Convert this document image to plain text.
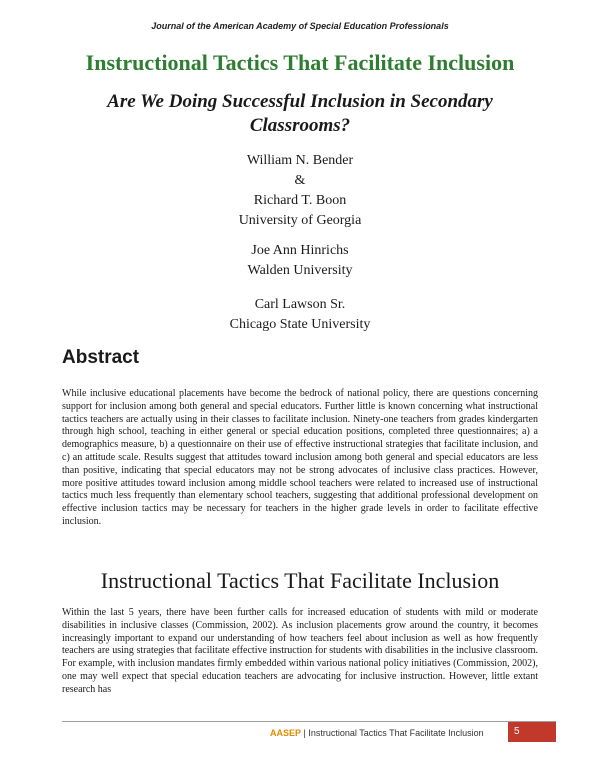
Journal of the American Academy of Special Education Professionals
Instructional Tactics That Facilitate Inclusion
Are We Doing Successful Inclusion in Secondary Classrooms?
William N. Bender
&
Richard T. Boon
University of Georgia
Joe Ann Hinrichs
Walden University
Carl Lawson Sr.
Chicago State University
Abstract
While inclusive educational placements have become the bedrock of national policy, there are questions concerning support for inclusion among both general and special educators. Further little is known concerning what instructional tactics teachers are actually using in their classes to facilitate inclusion. Ninety-one teachers from grades kindergarten through high school, teaching in either general or special education positions, completed three questionnaires; a) a demographics measure, b) a questionnaire on their use of effective instructional strategies that facilitate inclusion, and c) an attitude scale. Results suggest that attitudes toward inclusion among both general and special educators are less than positive, indicating that special educators may not be strong advocates of inclusive class practices. However, more positive attitudes toward inclusion among middle school teachers were related to increased use of instructional tactics much less frequently than elementary school teachers, suggesting that additional professional development on effective inclusion tactics may be necessary for teachers in the higher grade levels in order to facilitate effective inclusion.
Instructional Tactics That Facilitate Inclusion
Within the last 5 years, there have been further calls for increased education of students with mild or moderate disabilities in inclusive classes (Commission, 2002). As inclusion placements grow around the country, it becomes increasingly important to expand our understanding of how teachers feel about inclusion as well as how frequently teachers are using strategies that facilitate effective instruction for students with disabilities in the inclusive classroom. For example, with inclusion mandates firmly embedded within various national policy initiatives (Commission, 2002), one may well expect that special education teachers are advocating for inclusive instruction. However, little extant research has
AASEP | Instructional Tactics That Facilitate Inclusion	5
